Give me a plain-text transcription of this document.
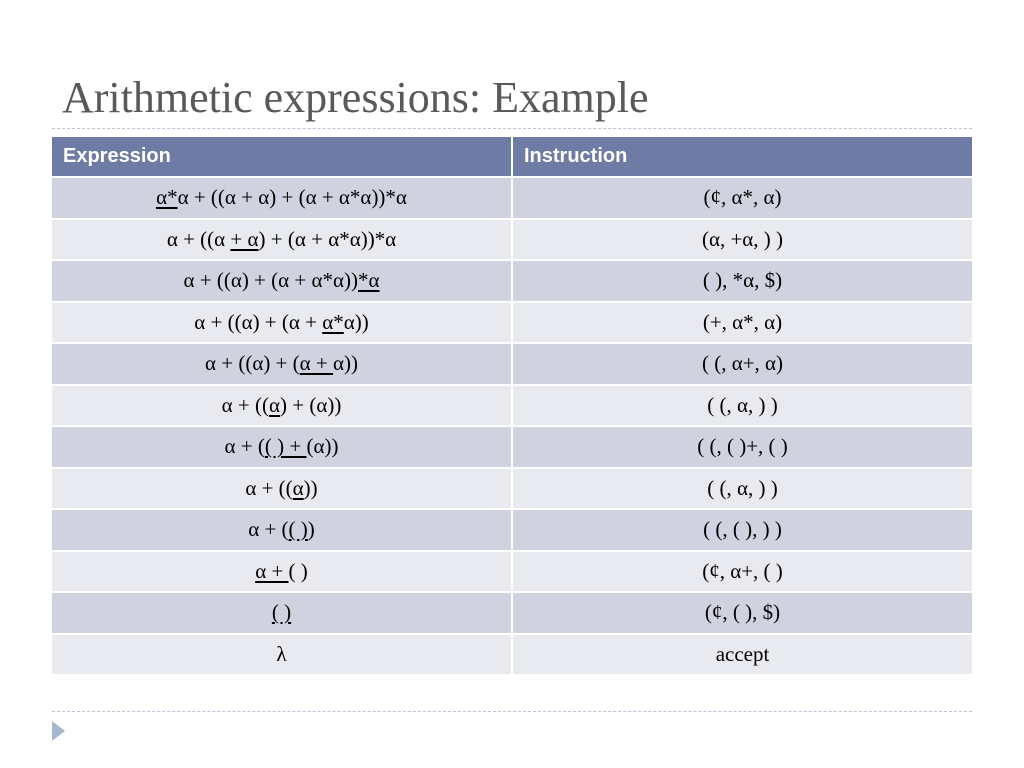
Arithmetic expressions: Example
Expression	Instruction
α*α + ((α + α) + (α + α*α))*α	(¢, α*, α)
α + ((α + α) + (α + α*α))*α	(α, +α, ) )
α + ((α) + (α + α*α))*α	( ), *α, $)
α + ((α) + (α + α*α))	(+, α*, α)
α + ((α) + (α + α))	( (, α+, α)
α + ((α) + (α))	( (, α, ) )
α + (( ) + (α))	( (, ( )+, ( )
α + ((α))	( (, α, ) )
α + (( ))	( (, ( ), ) )
α + ( )	(¢, α+, ( )
( )	(¢, ( ), $)
λ	accept
